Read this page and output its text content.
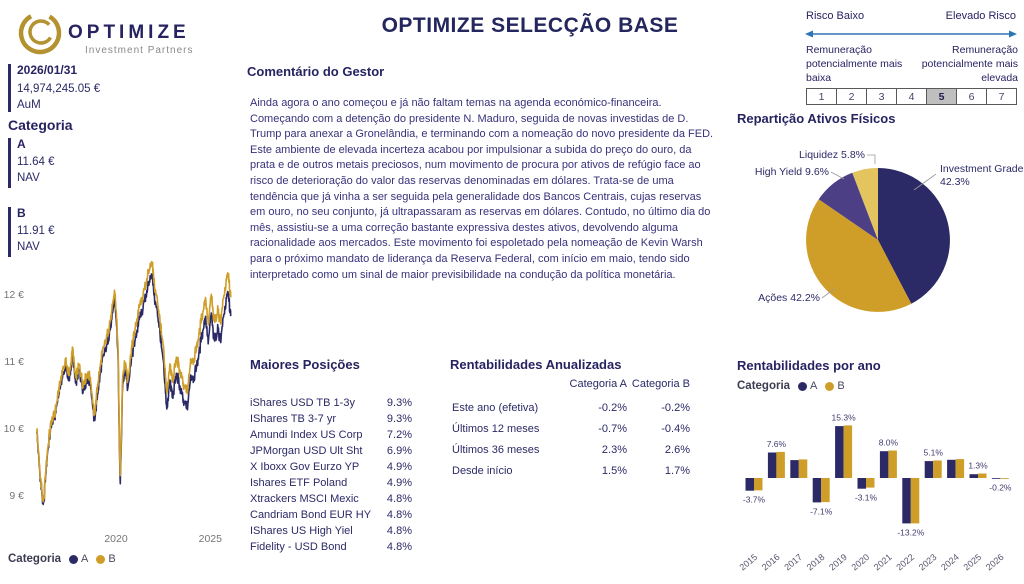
OPTIMIZE
Investment Partners
2026/01/31
14,974,245.05 €
AuM
Categoria
A
11.64 €
NAV
B
11.91 €
NAV
12 €
11 €
10 €
9 €
2020	2025
Categoria A B
OPTIMIZE SELECÇÃO BASE
Comentário do Gestor
Ainda agora o ano começou e já não faltam temas na agenda económico-financeira.
Começando com a detenção do presidente N. Maduro, seguida de novas investidas de D. Trump para anexar a Gronelândia, e terminando com a nomeação do novo presidente da FED.
Este ambiente de elevada incerteza acabou por impulsionar a subida do preço do ouro, da prata e de outros metais preciosos, num movimento de procura por ativos de refúgio face ao risco de deterioração do valor das reservas denominadas em dólares. Trata-se de uma tendência que já vinha a ser seguida pela generalidade dos Bancos Centrais, cujas reservas em ouro, no seu conjunto, já ultrapassaram as reservas em dólares. Contudo, no último dia do mês, assistiu-se a uma correção bastante expressiva destes ativos, devolvendo alguma racionalidade aos mercados. Este movimento foi espoletado pela nomeação de Kevin Warsh para o próximo mandato de liderança da Reserva Federal, com início em maio, tendo sido interpretado como um sinal de maior previsibilidade na condução da política monetária.
Maiores Posições
iShares USD TB 1-3y	9.3%
IShares TB 3-7 yr	9.3%
Amundi Index US Corp 7.2%
JPMorgan USD Ult Sht 6.9%
X Iboxx Gov Eurzo YP	4.9%
Ishares ETF Poland	4.9%
Xtrackers MSCI Mexic	4.8%
Candriam Bond EUR HY 4.8%
IShares US High Yiel	4.8%
Fidelity - USD Bond	4.8%
Rentabilidades Anualizadas
Categoria A Categoria B
Este ano (efetiva)	-0.2%	-0.2%
Últimos 12 meses	-0.7%	-0.4%
Últimos 36 meses	2.3%	2.6%
Desde início	1.5%	1.7%
Risco Baixo	Elevado Risco
Remuneração
potencialmente mais
baixa
Remuneração
potencialmente mais
elevada
1	2	3	4	5	6	7
Repartição Ativos Físicos
Investment Grade
42.3%
Liquidez 5.8%
High Yield 9.6%
Ações 42.2%
Rentabilidades por ano
Categoria A B
-3.7%
2015
7.6%
2016 2017
-7.1%
2018
15.3%
2019
-3.1%
2020
8.0%
2021
-13.2%
2022
5.1%
2023 2024
1.3%
2025
-0.2%
2026
